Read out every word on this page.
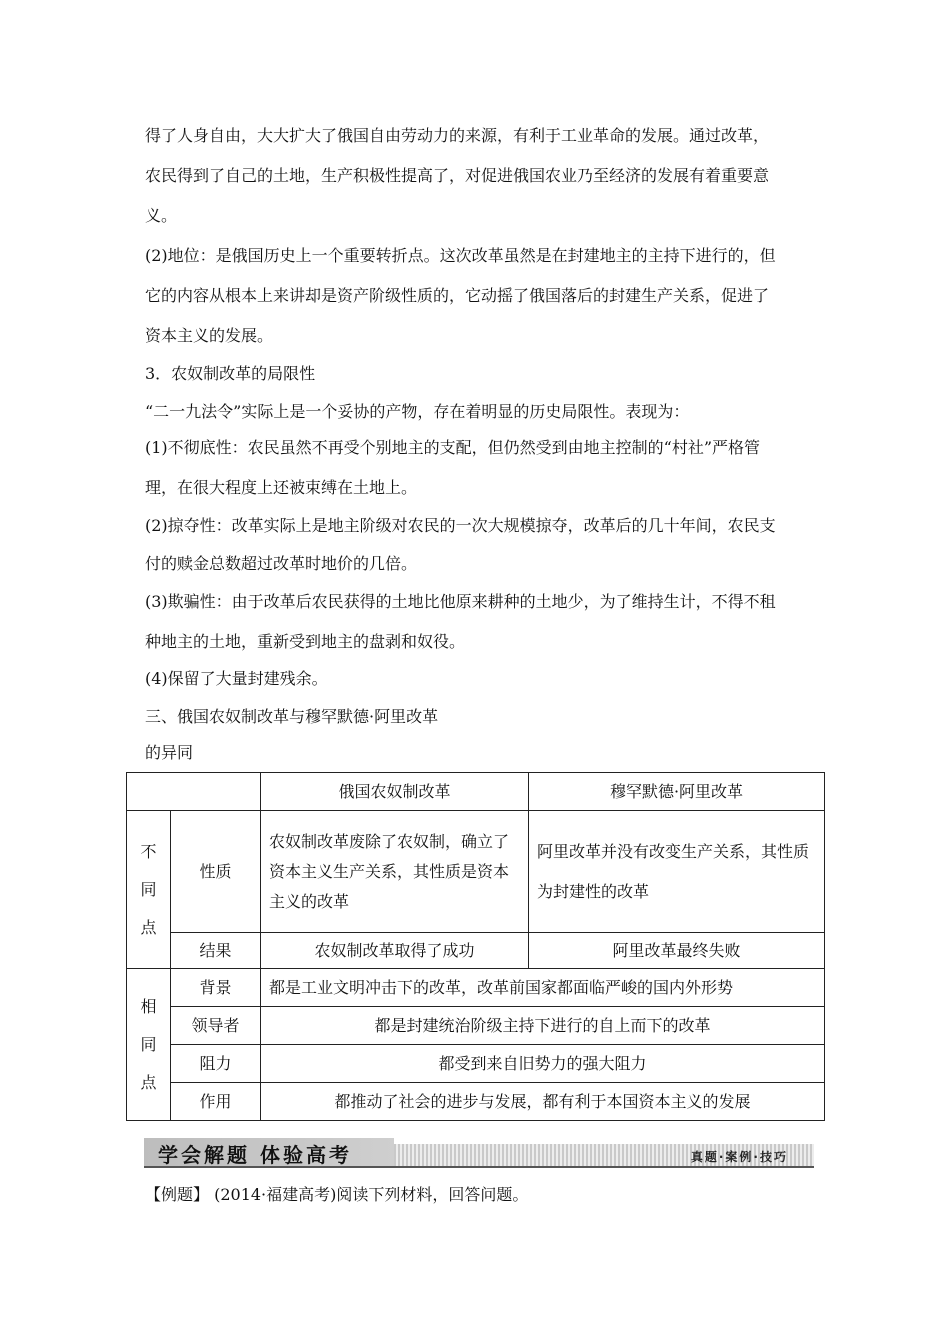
得了人身自由，大大扩大了俄国自由劳动力的来源，有利于工业革命的发展。通过改革，
农民得到了自己的土地，生产积极性提高了，对促进俄国农业乃至经济的发展有着重要意
义。
(2)地位：是俄国历史上一个重要转折点。这次改革虽然是在封建地主的主持下进行的，但
它的内容从根本上来讲却是资产阶级性质的，它动摇了俄国落后的封建生产关系，促进了
资本主义的发展。
3．农奴制改革的局限性
“二一九法令”实际上是一个妥协的产物，存在着明显的历史局限性。表现为：
(1)不彻底性：农民虽然不再受个别地主的支配，但仍然受到由地主控制的“村社”严格管
理，在很大程度上还被束缚在土地上。
(2)掠夺性：改革实际上是地主阶级对农民的一次大规模掠夺，改革后的几十年间，农民支
付的赎金总数超过改革时地价的几倍。
(3)欺骗性：由于改革后农民获得的土地比他原来耕种的土地少，为了维持生计，不得不租
种地主的土地，重新受到地主的盘剥和奴役。
(4)保留了大量封建残余。
三、俄国农奴制改革与穆罕默德·阿里改革
的异同
		俄国农奴制改革	穆罕默德·阿里改革
不
同
点	性质	农奴制改革废除了农奴制，确立了资本主义生产关系，其性质是资本主义的改革	阿里改革并没有改变生产关系，其性质为封建性的改革
	结果	农奴制改革取得了成功	阿里改革最终失败
相
同
点	背景	都是工业文明冲击下的改革，改革前国家都面临严峻的国内外形势	
	领导者	都是封建统治阶级主持下进行的自上而下的改革	
	阻力	都受到来自旧势力的强大阻力	
	作用	都推动了社会的进步与发展，都有利于本国资本主义的发展	
学会解题 体验高考	真题·案例·技巧
【例题】 (2014·福建高考)阅读下列材料，回答问题。
